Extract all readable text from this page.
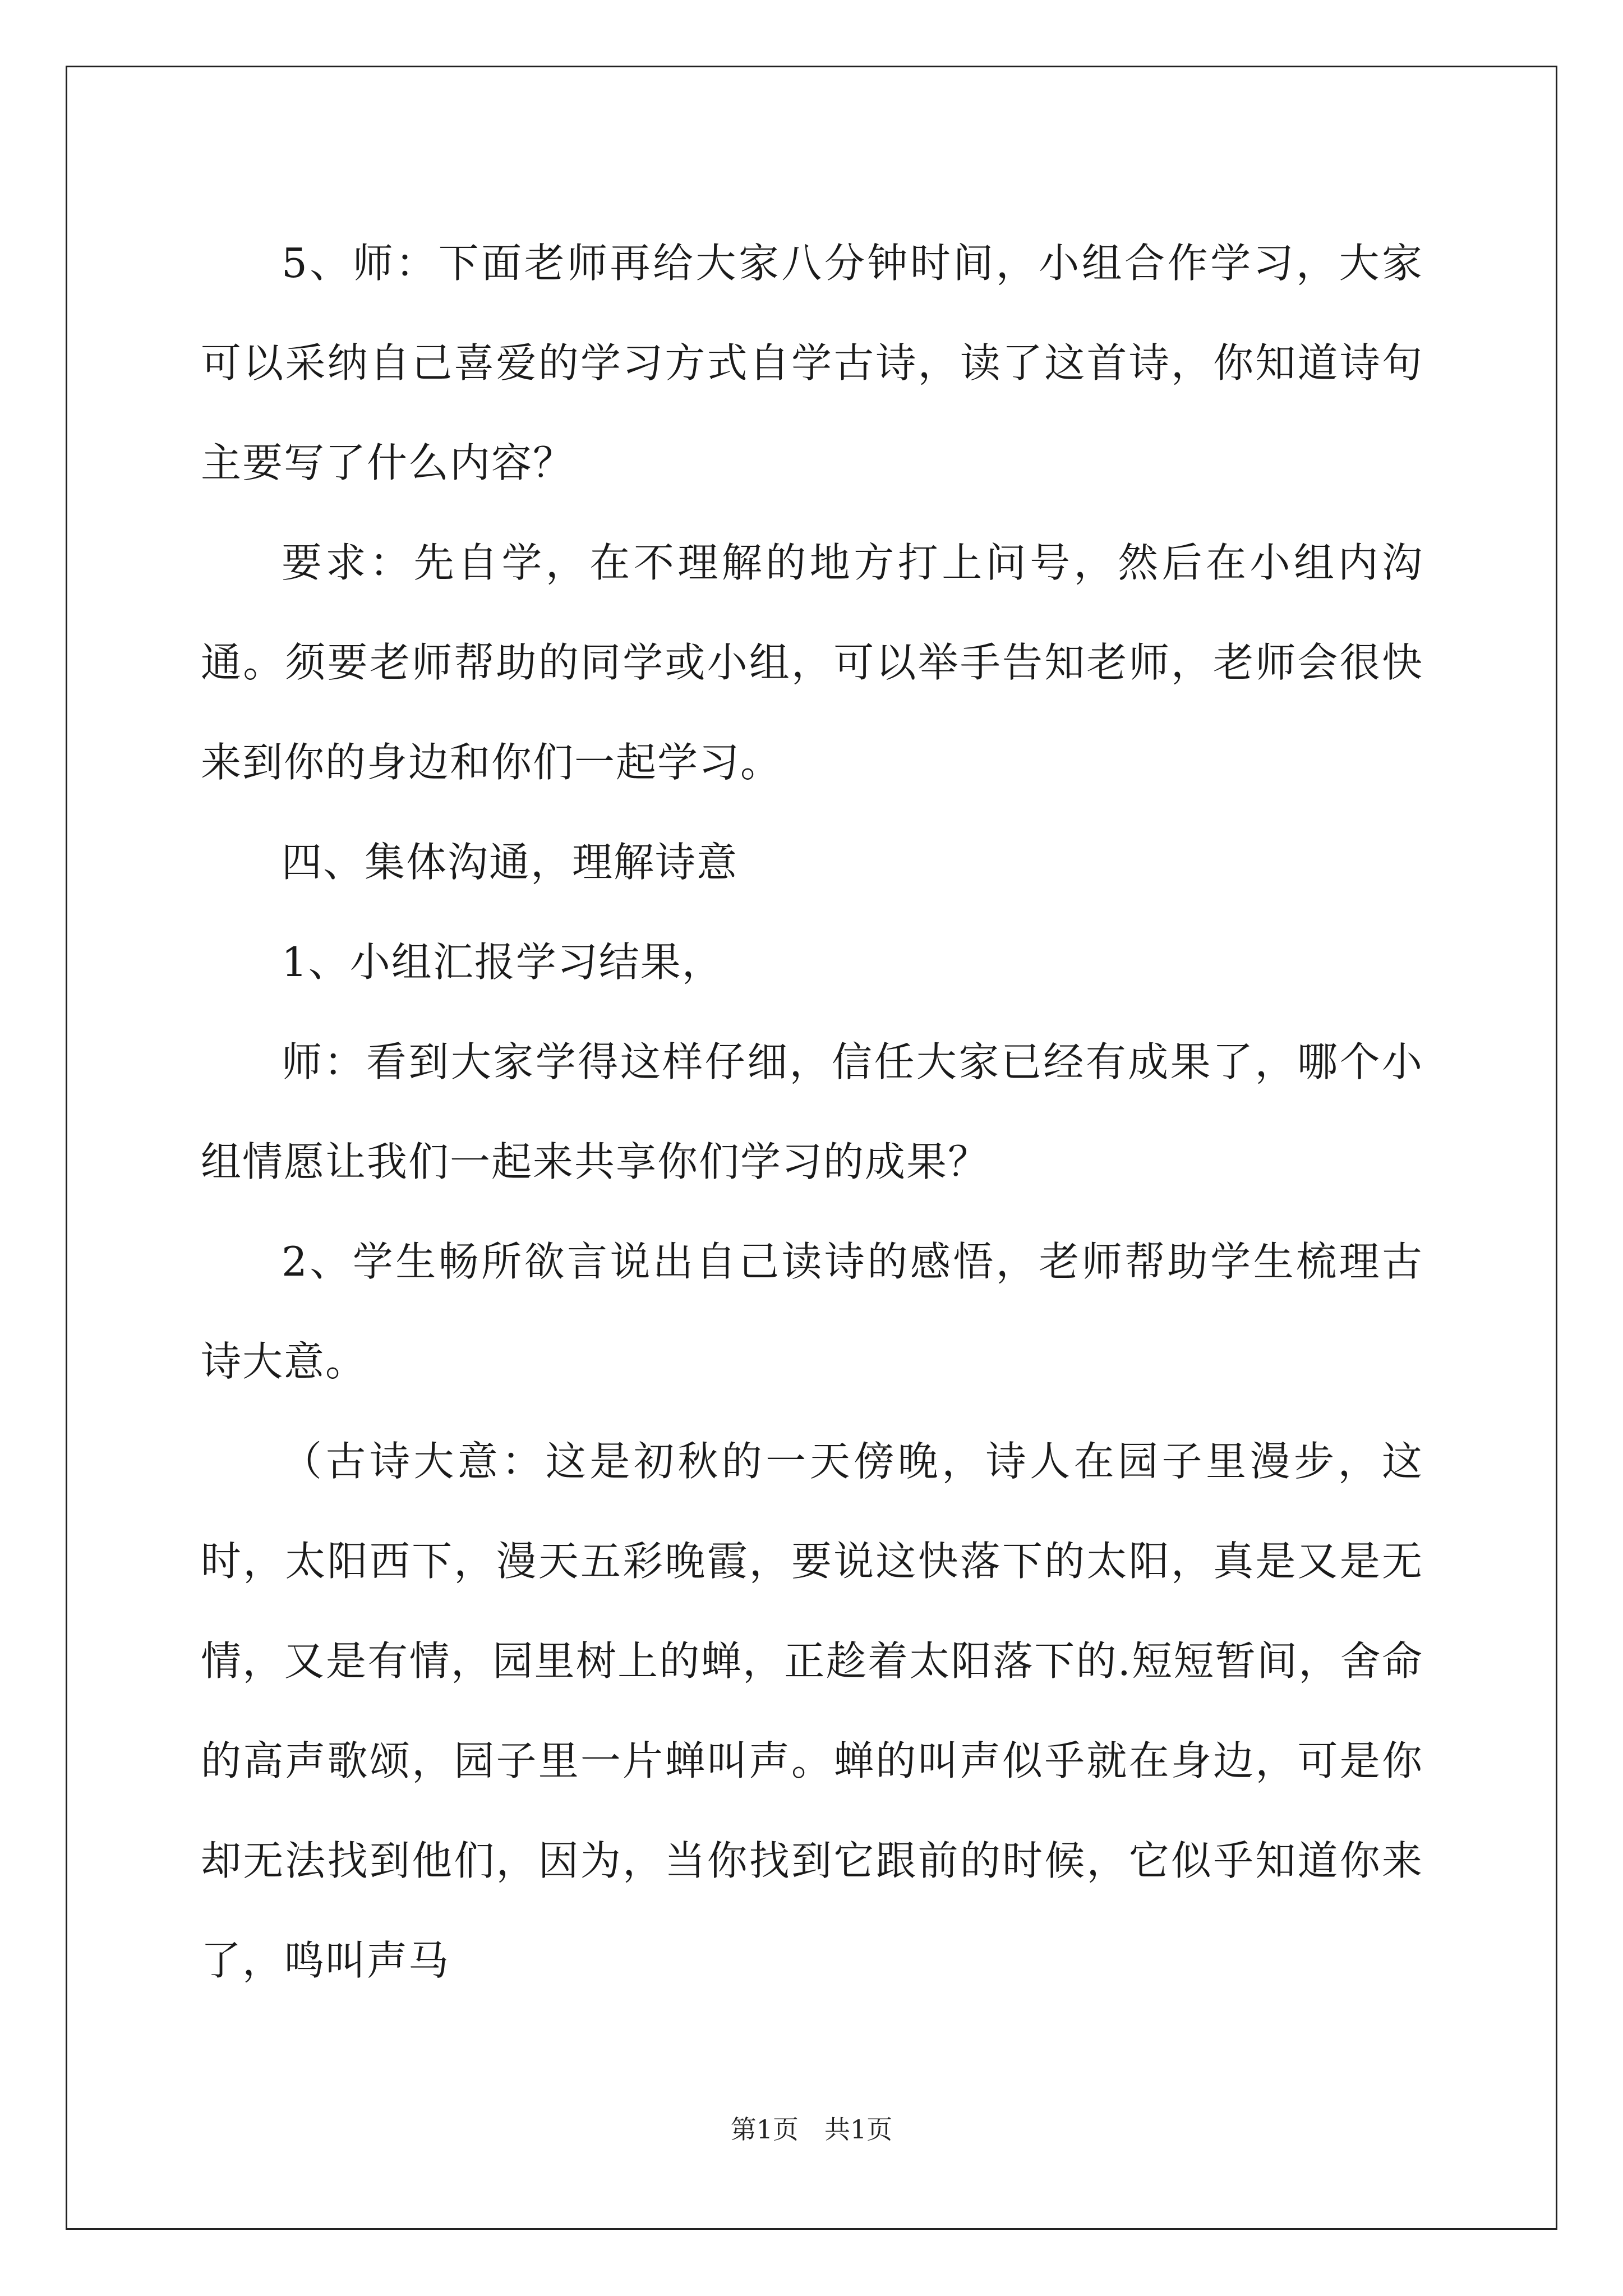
5、师：下面老师再给大家八分钟时间，小组合作学习，大家可以采纳自己喜爱的学习方式自学古诗，读了这首诗，你知道诗句主要写了什么内容？

要求：先自学，在不理解的地方打上问号，然后在小组内沟通。须要老师帮助的同学或小组，可以举手告知老师，老师会很快来到你的身边和你们一起学习。

四、集体沟通，理解诗意

1、小组汇报学习结果，

师：看到大家学得这样仔细，信任大家已经有成果了，哪个小组情愿让我们一起来共享你们学习的成果？

2、学生畅所欲言说出自己读诗的感悟，老师帮助学生梳理古诗大意。

（古诗大意：这是初秋的一天傍晚，诗人在园子里漫步，这时，太阳西下，漫天五彩晚霞，要说这快落下的太阳，真是又是无情，又是有情，园里树上的蝉，正趁着太阳落下的.短短暂间，舍命的高声歌颂，园子里一片蝉叫声。蝉的叫声似乎就在身边，可是你却无法找到他们，因为，当你找到它跟前的时候，它似乎知道你来了，鸣叫声马

第1页　共1页
